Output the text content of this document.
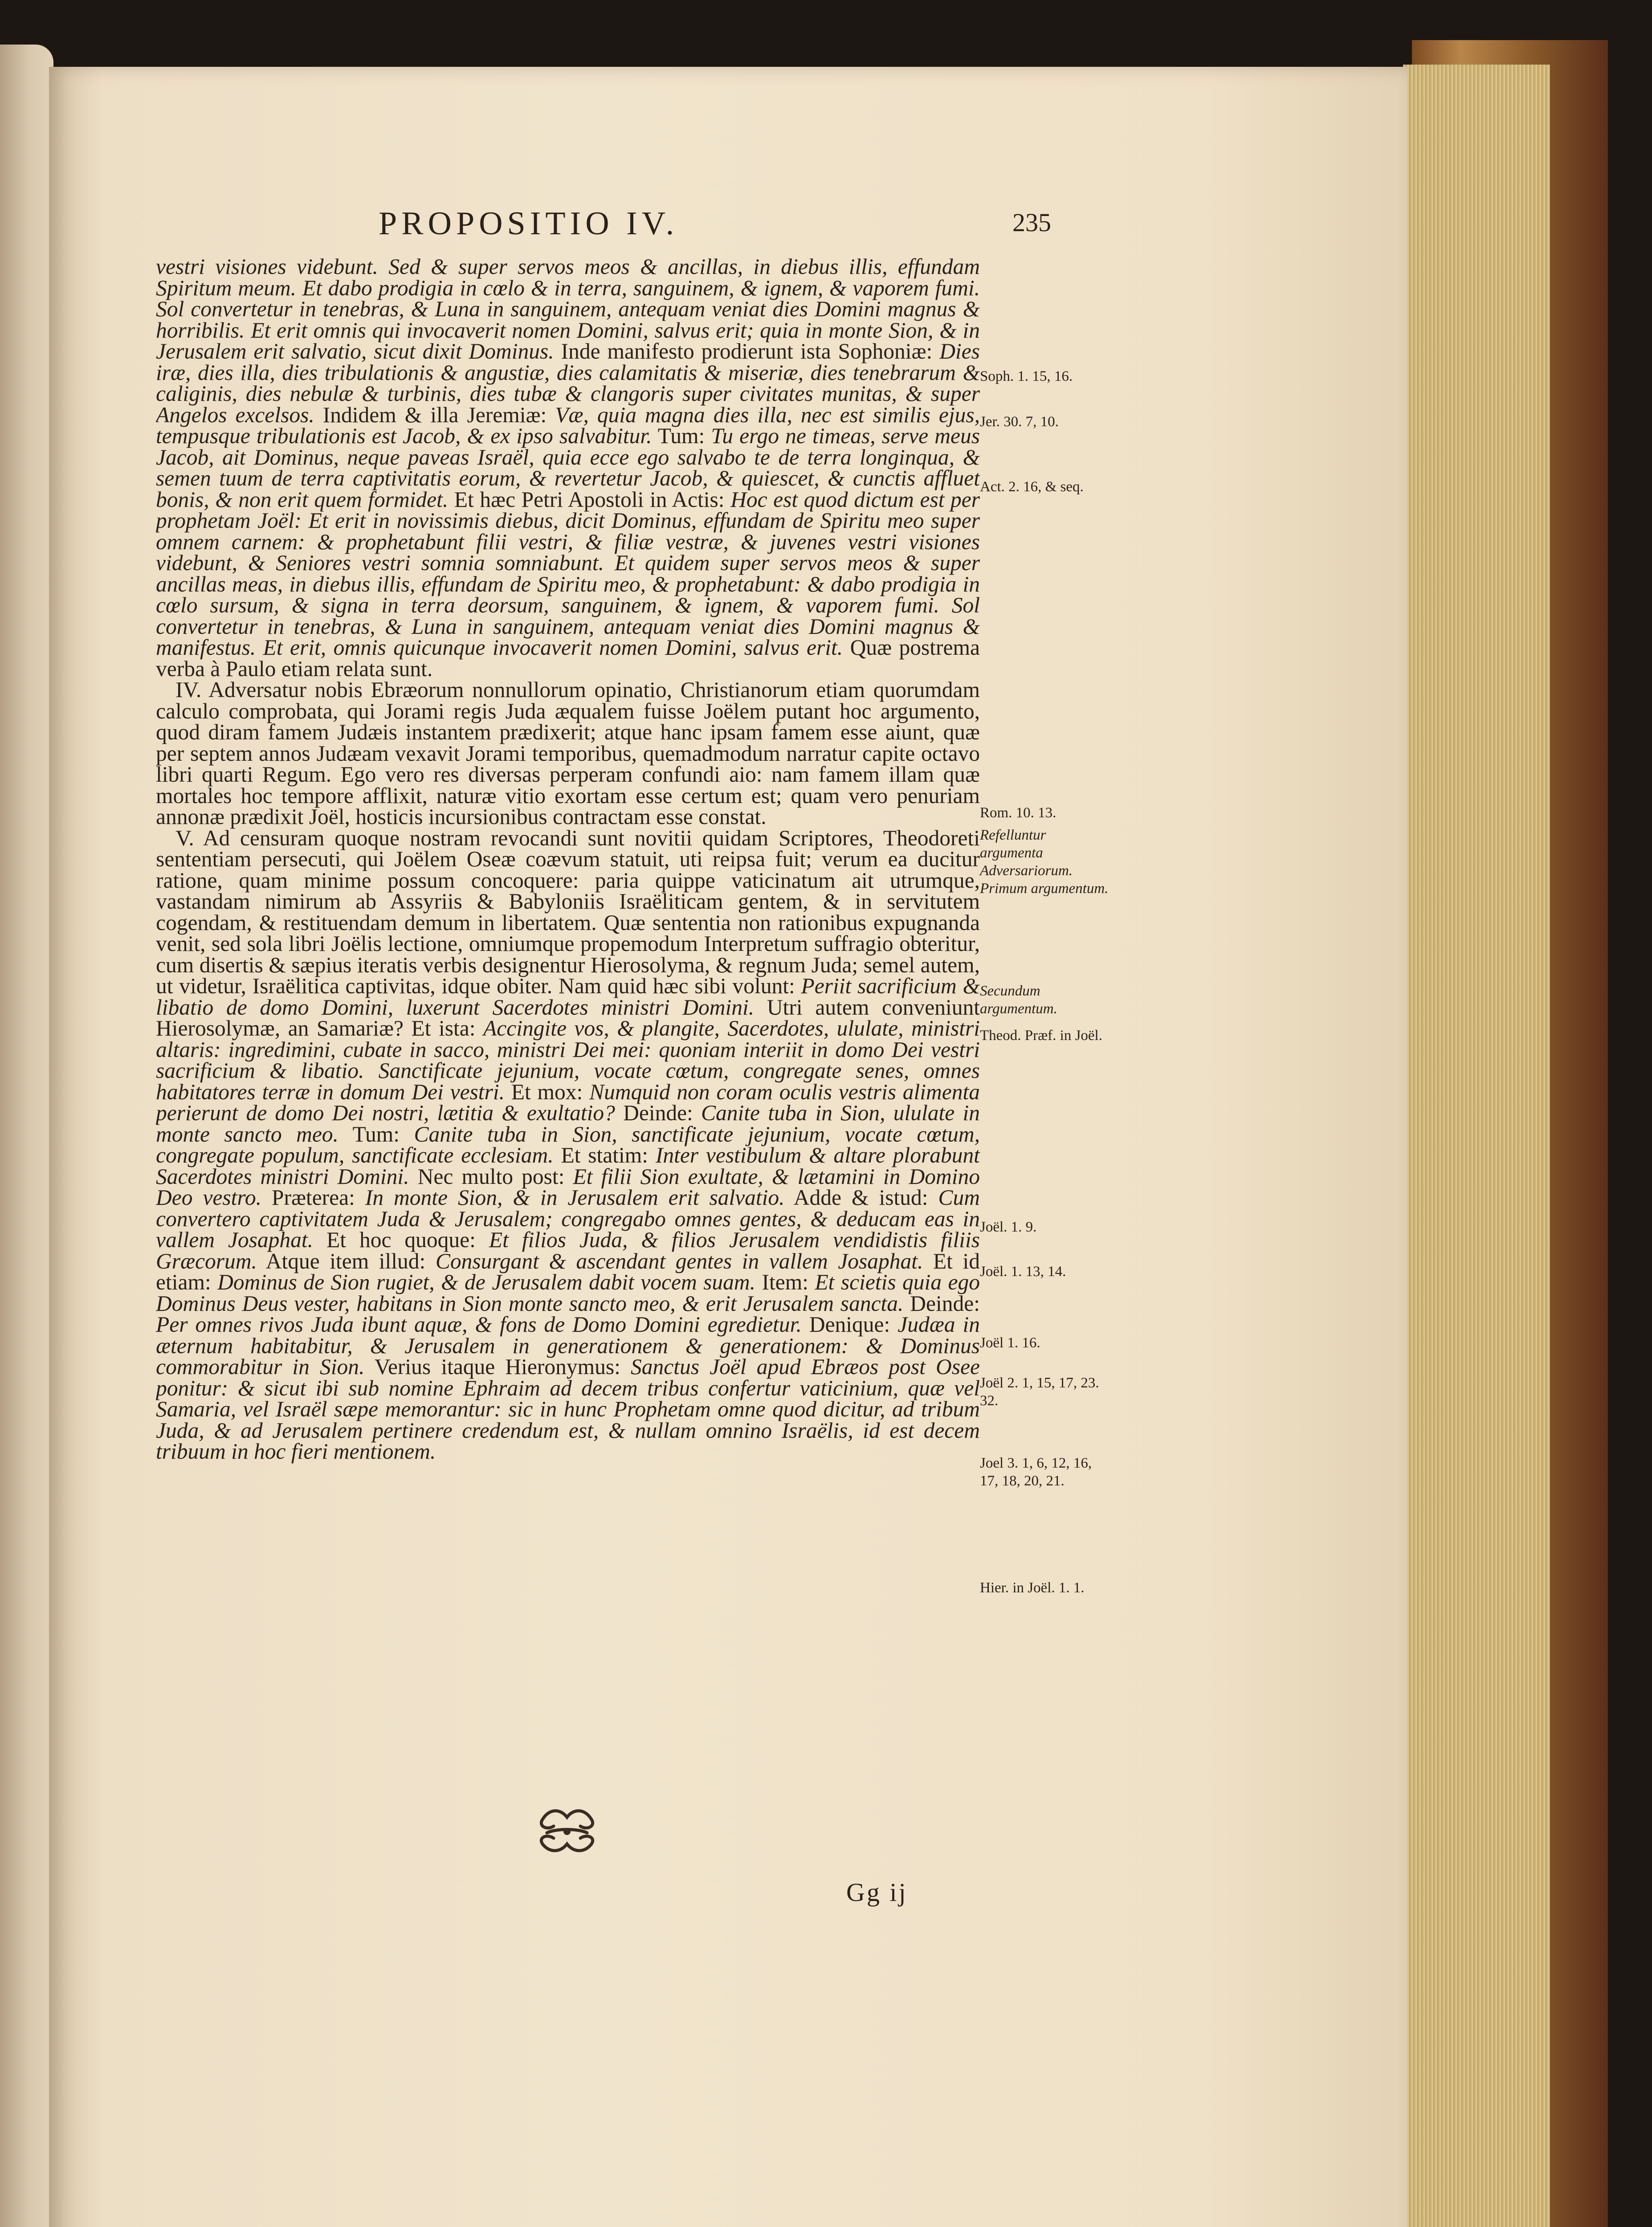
PROPOSITIO IV.	235

vestri visiones videbunt. Sed & super servos meos & ancillas, in diebus illis, effundam Spiritum meum. Et dabo prodigia in cœlo & in terra, sanguinem, & ignem, & vaporem fumi. Sol convertetur in tenebras, & Luna in sanguinem, antequam veniat dies Domini magnus & horribilis. Et erit omnis qui invocaverit nomen Domini, salvus erit; quia in monte Sion, & in Jerusalem erit salvatio, sicut dixit Dominus. Inde manifesto prodierunt ista Sophoniæ: Dies iræ, dies illa, dies tribulationis & angustiæ, dies calamitatis & miseriæ, dies tenebrarum & caliginis, dies nebulæ & turbinis, dies tubæ & clangoris super civitates munitas, & super Angelos excelsos. Indidem & illa Jeremiæ: Væ, quia magna dies illa, nec est similis ejus, tempusque tribulationis est Jacob, & ex ipso salvabitur. Tum: Tu ergo ne timeas, serve meus Jacob, ait Dominus, neque paveas Israël, quia ecce ego salvabo te de terra longinqua, & semen tuum de terra captivitatis eorum, & revertetur Jacob, & quiescet, & cunctis affluet bonis, & non erit quem formidet. Et hæc Petri Apostoli in Actis: Hoc est quod dictum est per prophetam Joël: Et erit in novissimis diebus, dicit Dominus, effundam de Spiritu meo super omnem carnem: & prophetabunt filii vestri, & filiæ vestræ, & juvenes vestri visiones videbunt, & Seniores vestri somnia somniabunt. Et quidem super servos meos & super ancillas meas, in diebus illis, effundam de Spiritu meo, & prophetabunt: & dabo prodigia in cœlo sursum, & signa in terra deorsum, sanguinem, & ignem, & vaporem fumi. Sol convertetur in tenebras, & Luna in sanguinem, antequam veniat dies Domini magnus & manifestus. Et erit, omnis quicunque invocaverit nomen Domini, salvus erit. Quæ postrema verba à Paulo etiam relata sunt.

IV. Adversatur nobis Ebræorum nonnullorum opinatio, Christianorum etiam quorumdam calculo comprobata, qui Jorami regis Juda æqualem fuisse Joëlem putant hoc argumento, quod diram famem Judæis instantem prædixerit; atque hanc ipsam famem esse aiunt, quæ per septem annos Judæam vexavit Jorami temporibus, quemadmodum narratur capite octavo libri quarti Regum. Ego vero res diversas perperam confundi aio: nam famem illam quæ mortales hoc tempore afflixit, naturæ vitio exortam esse certum est; quam vero penuriam annonæ prædixit Joël, hosticis incursionibus contractam esse constat.

V. Ad censuram quoque nostram revocandi sunt novitii quidam Scriptores, Theodoreti sententiam persecuti, qui Joëlem Oseæ coævum statuit, uti reipsa fuit; verum ea ducitur ratione, quam minime possum concoquere: paria quippe vaticinatum ait utrumque, vastandam nimirum ab Assyriis & Babyloniis Israëliticam gentem, & in servitutem cogendam, & restituendam demum in libertatem. Quæ sententia non rationibus expugnanda venit, sed sola libri Joëlis lectione, omniumque propemodum Interpretum suffragio obteritur, cum disertis & sæpius iteratis verbis designentur Hierosolyma, & regnum Juda; semel autem, ut videtur, Israëlitica captivitas, idque obiter. Nam quid hæc sibi volunt: Periit sacrificium & libatio de domo Domini, luxerunt Sacerdotes ministri Domini. Utri autem conveniunt Hierosolymæ, an Samariæ? Et ista: Accingite vos, & plangite, Sacerdotes, ululate, ministri altaris: ingredimini, cubate in sacco, ministri Dei mei: quoniam interiit in domo Dei vestri sacrificium & libatio. Sanctificate jejunium, vocate cœtum, congregate senes, omnes habitatores terræ in domum Dei vestri. Et mox: Numquid non coram oculis vestris alimenta perierunt de domo Dei nostri, lætitia & exultatio? Deinde: Canite tuba in Sion, ululate in monte sancto meo. Tum: Canite tuba in Sion, sanctificate jejunium, vocate cœtum, congregate populum, sanctificate ecclesiam. Et statim: Inter vestibulum & altare plorabunt Sacerdotes ministri Domini. Nec multo post: Et filii Sion exultate, & lætamini in Domino Deo vestro. Præterea: In monte Sion, & in Jerusalem erit salvatio. Adde & istud: Cum convertero captivitatem Juda & Jerusalem; congregabo omnes gentes, & deducam eas in vallem Josaphat. Et hoc quoque: Et filios Juda, & filios Jerusalem vendidistis filiis Græcorum. Atque item illud: Consurgant & ascendant gentes in vallem Josaphat. Et id etiam: Dominus de Sion rugiet, & de Jerusalem dabit vocem suam. Item: Et scietis quia ego Dominus Deus vester, habitans in Sion monte sancto meo, & erit Jerusalem sancta. Deinde: Per omnes rivos Juda ibunt aquæ, & fons de Domo Domini egredietur. Denique: Judæa in æternum habitabitur, & Jerusalem in generationem & generationem: & Dominus commorabitur in Sion. Verius itaque Hieronymus: Sanctus Joël apud Ebræos post Osee ponitur: & sicut ibi sub nomine Ephraim ad decem tribus confertur vaticinium, quæ vel Samaria, vel Israël sæpe memorantur: sic in hunc Prophetam omne quod dicitur, ad tribum Juda, & ad Jerusalem pertinere credendum est, & nullam omnino Israëlis, id est decem tribuum in hoc fieri mentionem.

Soph. 1. 15, 16.
Jer. 30. 7, 10.
Act. 2. 16, & seq.
Rom. 10. 13.
Refelluntur argumenta Adversariorum. Primum argumentum.
Secundum argumentum.
Theod. Præf. in Joël.
Joël. 1. 9.
Joël. 1. 13, 14.
Joël 1. 16.
Joël 2. 1, 15, 17, 23. 32.
Joel 3. 1, 6, 12, 16, 17, 18, 20, 21.
Hier. in Joël. 1. 1.
Gg ij
